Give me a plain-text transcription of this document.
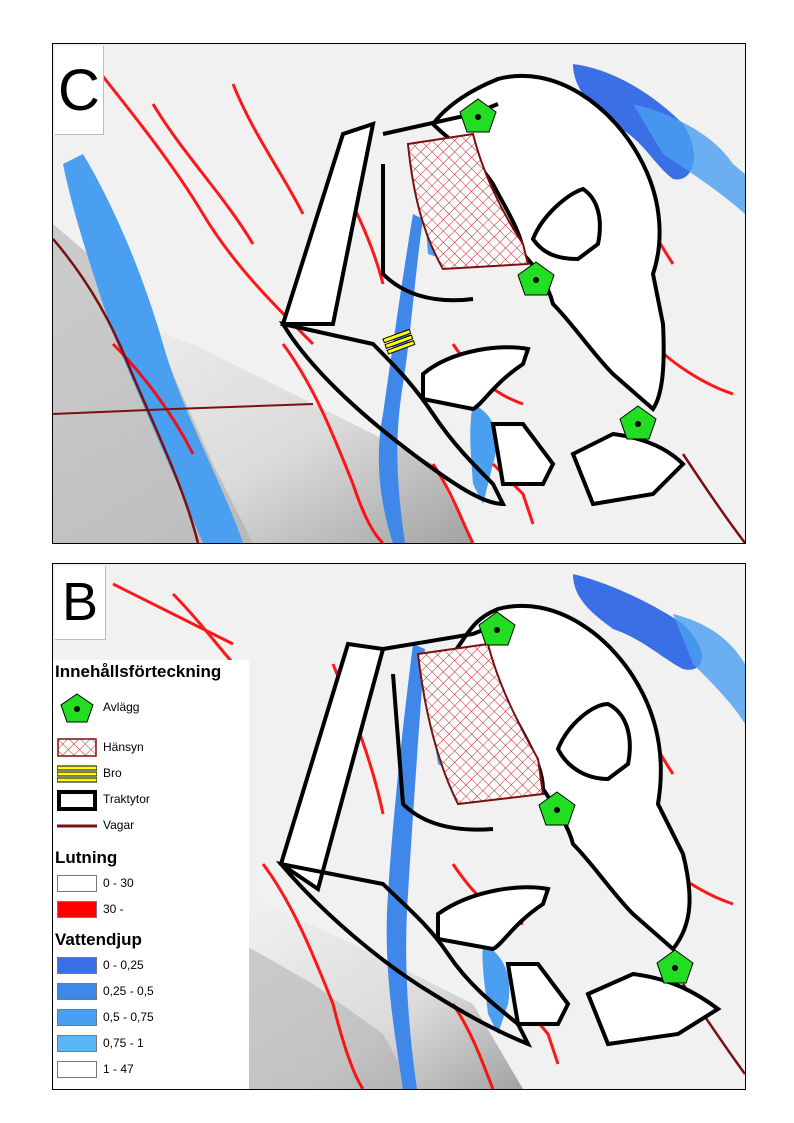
C
B
Innehållsförteckning
Avlägg
Hänsyn
Bro
Traktytor
Vagar
Lutning
0 - 30
30 -
Vattendjup
0 - 0,25
0,25 - 0,5
0,5 - 0,75
0,75 - 1
1 - 47
